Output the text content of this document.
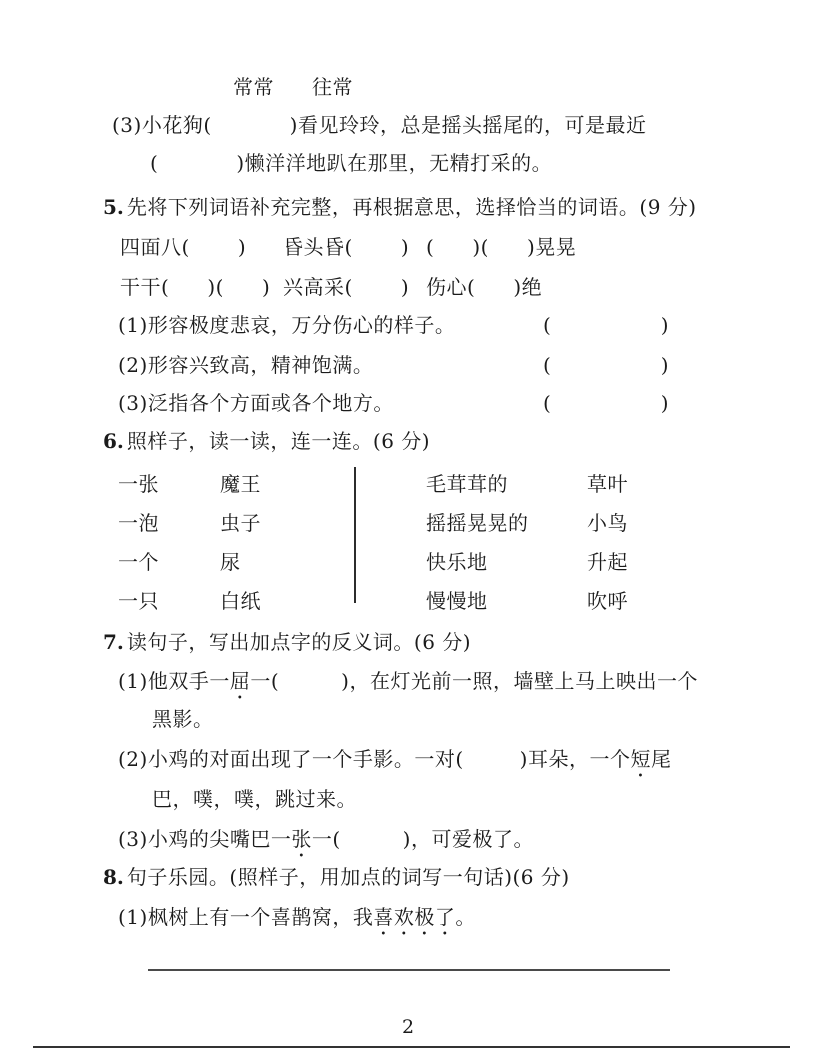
常常 往常
(3)小花狗(	)看见玲玲，总是摇头摇尾的，可是最近
(	)懒洋洋地趴在那里，无精打采的。
5. 先将下列词语补充完整，再根据意思，选择恰当的词语。(9 分)
四面八( ) 昏头昏( ) ( )( )晃晃
干干( )( ) 兴高采( ) 伤心( )绝
(1)形容极度悲哀，万分伤心的样子。	(	)
(2)形容兴致高，精神饱满。	(	)
(3)泛指各个方面或各个地方。	(	)
6. 照样子，读一读，连一连。(6 分)
一张	魔王	毛茸茸的	草叶
一泡	虫子	摇摇晃晃的	小鸟
一个	尿	快乐地	升起
一只	白纸	慢慢地	吹呼
7. 读句子，写出加点字的反义词。(6 分)
(1)他双手一屈一(	)，在灯光前一照，墙壁上马上映出一个
黑影。
(2)小鸡的对面出现了一个手影。一对(	)耳朵，一个短尾
巴，噗，噗，跳过来。
(3)小鸡的尖嘴巴一张一(	)，可爱极了。
8. 句子乐园。(照样子，用加点的词写一句话)(6 分)
(1)枫树上有一个喜鹊窝，我喜欢极了。
2
